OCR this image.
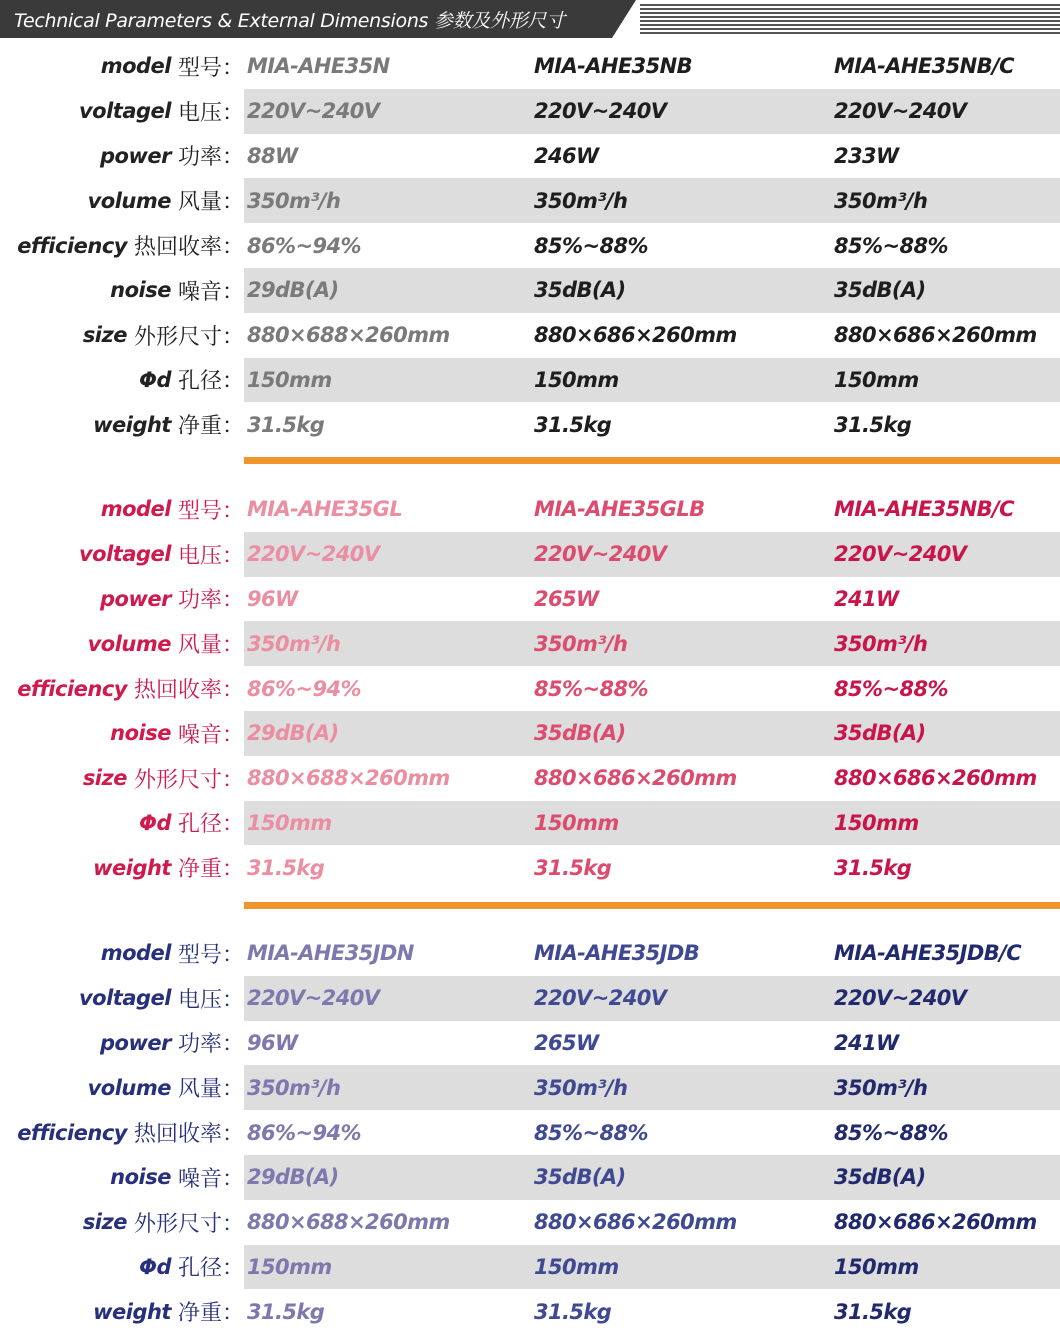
Technical Parameters & External Dimensions 参数及外形尺寸
model 型号 ： MIA-AHE35N	MIA-AHE35NB	MIA-AHE35NB/C
voltagel 电压 ： 220V~240V	220V~240V	220V~240V
power 功率 ： 88W	246W	233W
volume 风量 ： 350m³/h	350m³/h	350m³/h
efficiency 热回收率 ： 86%~94%	85%~88%	85%~88%
noise 噪音 ： 29dB(A)	35dB(A)	35dB(A)
size 外形尺寸 ： 880×688×260mm	880×686×260mm	880×686×260mm
Φd 孔径 ： 150mm	150mm	150mm
weight 净重 ： 31.5kg	31.5kg	31.5kg
model 型号 ： MIA-AHE35GL	MIA-AHE35GLB	MIA-AHE35NB/C
voltagel 电压 ： 220V~240V	220V~240V	220V~240V
power 功率 ： 96W	265W	241W
volume 风量 ： 350m³/h	350m³/h	350m³/h
efficiency 热回收率 ： 86%~94%	85%~88%	85%~88%
noise 噪音 ： 29dB(A)	35dB(A)	35dB(A)
size 外形尺寸 ： 880×688×260mm	880×686×260mm	880×686×260mm
Φd 孔径 ： 150mm	150mm	150mm
weight 净重 ： 31.5kg	31.5kg	31.5kg
model 型号 ： MIA-AHE35JDN	MIA-AHE35JDB	MIA-AHE35JDB/C
voltagel 电压 ： 220V~240V	220V~240V	220V~240V
power 功率 ： 96W	265W	241W
volume 风量 ： 350m³/h	350m³/h	350m³/h
efficiency 热回收率 ： 86%~94%	85%~88%	85%~88%
noise 噪音 ： 29dB(A)	35dB(A)	35dB(A)
size 外形尺寸 ： 880×688×260mm	880×686×260mm	880×686×260mm
Φd 孔径 ： 150mm	150mm	150mm
weight 净重 ： 31.5kg	31.5kg	31.5kg
